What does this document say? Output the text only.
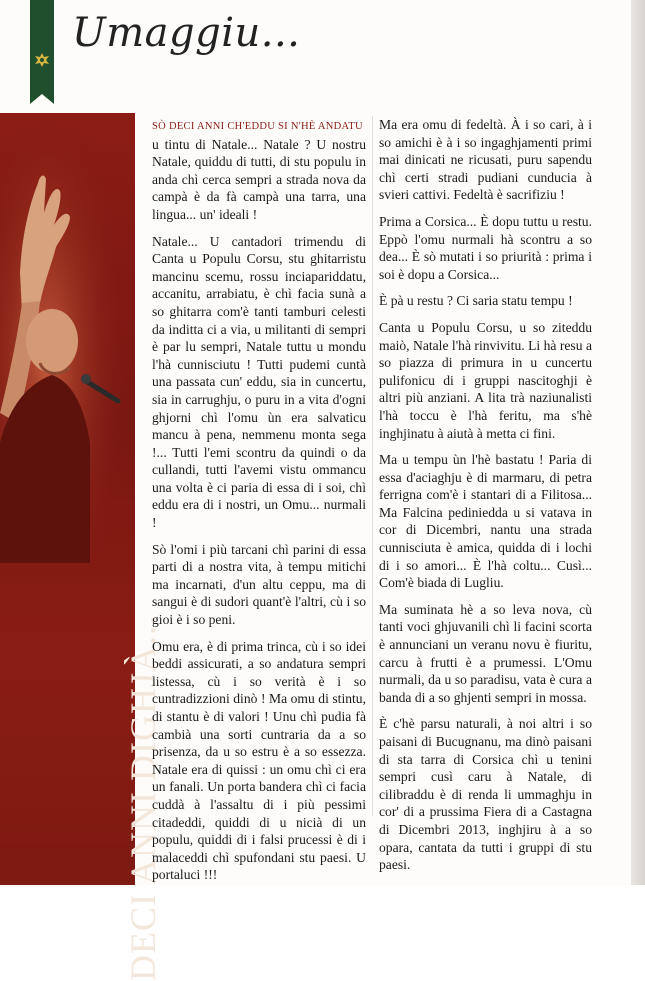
Umaggiu...
DECI ANNI DIGHJÀ...

SÒ DECI ANNI CH'EDDU SI N'HÈ ANDATU
u tintu di Natale... Natale ? U nostru Natale, quiddu di tutti, di stu populu in anda chì cerca sempri a strada nova da campà è da fà campà una tarra, una lingua... un' ideali !

Natale... U cantadori trimendu di Canta u Populu Corsu, stu ghitarristu mancinu scemu, rossu inciapariddatu, accanitu, arrabiatu, è chì facia sunà a so ghitarra com'è tanti tamburi celesti da inditta ci a via, u militanti di sempri è par lu sempri, Natale tuttu u mondu l'hà cunnisciutu ! Tutti pudemi cuntà una passata cun' eddu, sia in cuncertu, sia in carrughju, o puru in a vita d'ogni ghjorni chì l'omu ùn era salvaticu mancu à pena, nemmenu monta sega !... Tutti l'emi scontru da quindi o da cullandi, tutti l'avemi vistu ommancu una volta è ci paria di essa di i soi, chì eddu era di i nostri, un Omu... nurmali !

Sò l'omi i più tarcani chì parini di essa parti di a nostra vita, à tempu mitichi ma incarnati, d'un altu ceppu, ma di sangui è di sudori quant'è l'altri, cù i so gioi è i so peni.

Omu era, è di prima trinca, cù i so idei beddi assicurati, a so andatura sempri listessa, cù i so verità è i so cuntradizzioni dinò ! Ma omu di stintu, di stantu è di valori ! Unu chì pudia fà cambià una sorti cuntraria da a so prisenza, da u so estru è a so essezza. Natale era di quissi : un omu chì ci era un fanali. Un porta bandera chì ci facia cuddà à l'assaltu di i più pessimi citadeddi, quiddi di u nicià di un populu, quiddi di i falsi prucessi è di i malaceddi chì spufondani stu paesi. U portaluci !!!

Ma era omu di fedeltà. À i so cari, à i so amichi è à i so ingaghjamenti primi mai dinicati ne ricusati, puru sapendu chì certi stradi pudiani cunducia à svieri cattivi. Fedeltà è sacrifiziu !

Prima a Corsica... È dopu tuttu u restu. Eppò l'omu nurmali hà scontru a so dea... È sò mutati i so priurità : prima i soi è dopu a Corsica...

È pà u restu ? Ci saria statu tempu !

Canta u Populu Corsu, u so ziteddu maiò, Natale l'hà rinvivitu. Li hà resu a so piazza di primura in u cuncertu pulifonicu di i gruppi nascitoghji è altri più anziani. A lita trà naziunalisti l'hà toccu è l'hà feritu, ma s'hè inghjinatu à aiutà à metta ci fini.

Ma u tempu ùn l'hè bastatu ! Paria di essa d'aciaghju è di marmaru, di petra ferrigna com'è i stantari di a Filitosa... Ma Falcina pediniedda u si vatava in cor di Dicembri, nantu una strada cunnisciuta è amica, quidda di i lochi di i so amori... È l'hà coltu... Cusì... Com'è biada di Lugliu.

Ma suminata hè a so leva nova, cù tanti voci ghjuvanili chì li facini scorta è annunciani un veranu novu è fiuritu, carcu à frutti è a prumessi. L'Omu nurmali, da u so paradisu, vata è cura a banda di a so ghjenti sempri in mossa.

È c'hè parsu naturali, à noi altri i so paisani di Bucugnanu, ma dinò paisani di sta tarra di Corsica chì u tenini sempri cusì caru à Natale, di cilibraddu è di renda li ummaghju in cor' di a prussima Fiera di a Castagna di Dicembri 2013, inghjiru à a so opara, cantata da tutti i gruppi di stu paesi.
